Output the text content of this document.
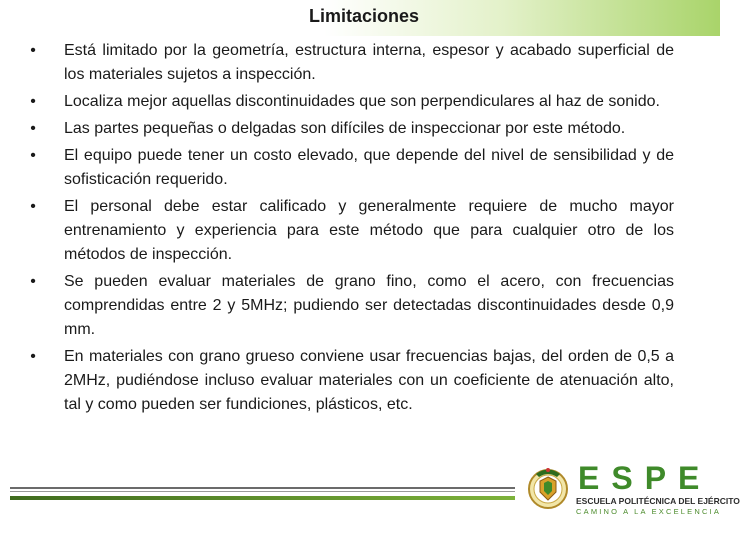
Limitaciones
• Está limitado por la geometría, estructura interna, espesor y acabado superficial de los materiales sujetos a inspección.
• Localiza mejor aquellas discontinuidades que son perpendiculares al haz de sonido.
• Las partes pequeñas o delgadas son difíciles de inspeccionar por este método.
• El equipo puede tener un costo elevado, que depende del nivel de sensibilidad y de sofisticación requerido.
• El personal debe estar calificado y generalmente requiere de mucho mayor entrenamiento y experiencia para este método que para cualquier otro de los métodos de inspección.
• Se pueden evaluar materiales de grano fino, como el acero, con frecuencias comprendidas entre 2 y 5MHz; pudiendo ser detectadas discontinuidades desde 0,9 mm.
• En materiales con grano grueso conviene usar frecuencias bajas, del orden de 0,5 a 2MHz, pudiéndose incluso evaluar materiales con un coeficiente de atenuación alto, tal y como pueden ser fundiciones, plásticos, etc.
ESPE
ESCUELA POLITÉCNICA DEL EJÉRCITO
CAMINO A LA EXCELENCIA
